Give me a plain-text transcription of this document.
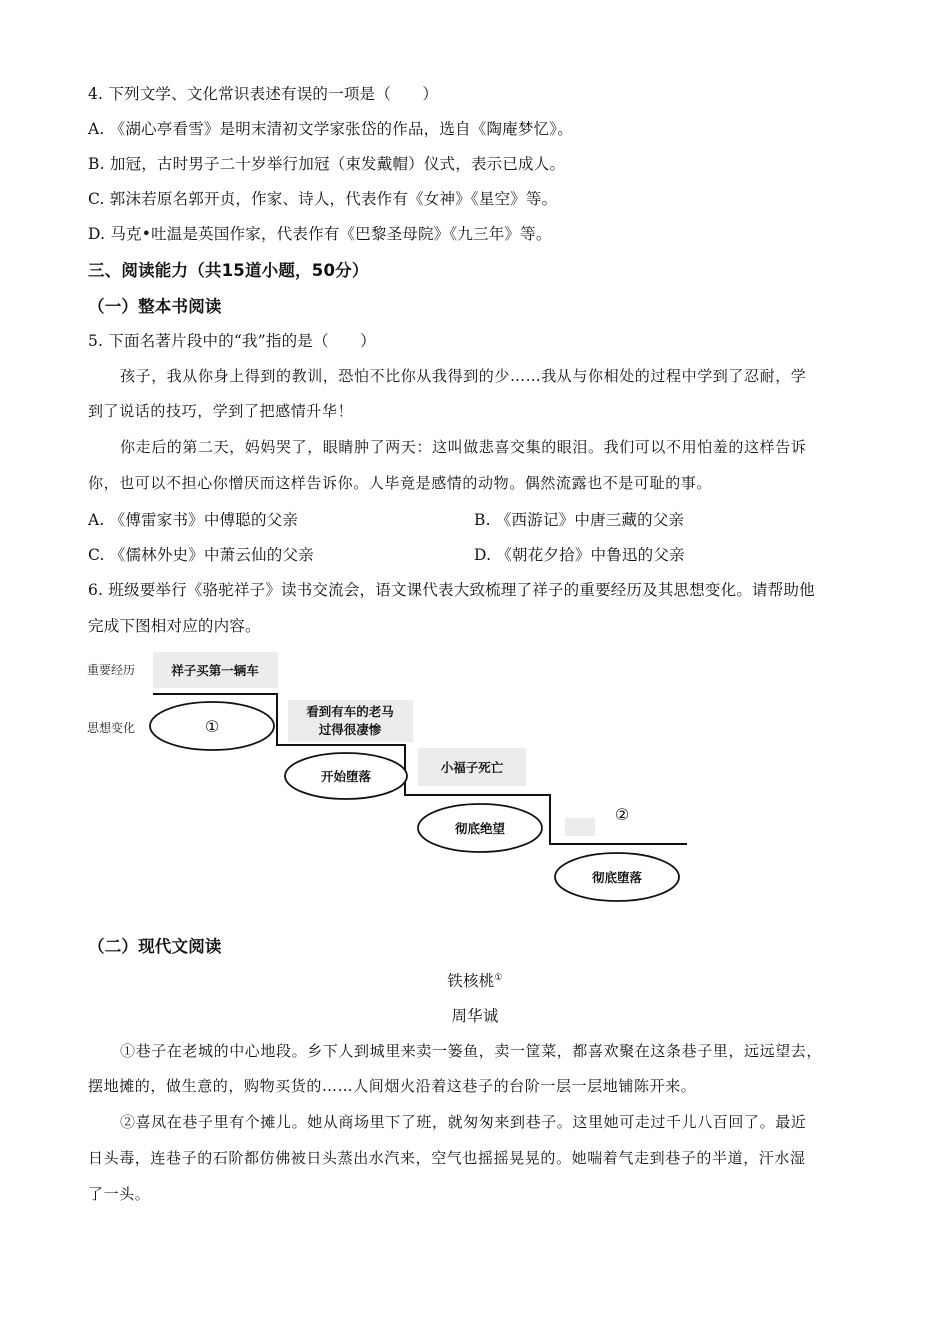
4. 下列文学、文化常识表述有误的一项是（　　）
A. 《湖心亭看雪》是明末清初文学家张岱的作品，选自《陶庵梦忆》。
B. 加冠，古时男子二十岁举行加冠（束发戴帽）仪式，表示已成人。
C. 郭沫若原名郭开贞，作家、诗人，代表作有《女神》《星空》等。
D. 马克•吐温是英国作家，代表作有《巴黎圣母院》《九三年》等。
三、阅读能力（共15道小题，50分）
（一）整本书阅读
5. 下面名著片段中的“我”指的是（　　）
孩子，我从你身上得到的教训，恐怕不比你从我得到的少……我从与你相处的过程中学到了忍耐，学
到了说话的技巧，学到了把感情升华！
你走后的第二天，妈妈哭了，眼睛肿了两天：这叫做悲喜交集的眼泪。我们可以不用怕羞的这样告诉
你，也可以不担心你憎厌而这样告诉你。人毕竟是感情的动物。偶然流露也不是可耻的事。
A. 《傅雷家书》中傅聪的父亲	B. 《西游记》中唐三藏的父亲
C. 《儒林外史》中萧云仙的父亲	D. 《朝花夕拾》中鲁迅的父亲
6. 班级要举行《骆驼祥子》读书交流会，语文课代表大致梳理了祥子的重要经历及其思想变化。请帮助他
完成下图相对应的内容。
重要经历
思想变化
祥子买第一辆车
①
看到有车的老马
过得很凄惨
开始堕落
小福子死亡
彻底绝望
②
彻底堕落
（二）现代文阅读
铁核桃①
周华诚
①巷子在老城的中心地段。乡下人到城里来卖一篓鱼，卖一筐菜，都喜欢聚在这条巷子里，远远望去，
摆地摊的，做生意的，购物买货的……人间烟火沿着这巷子的台阶一层一层地铺陈开来。
②喜凤在巷子里有个摊儿。她从商场里下了班，就匆匆来到巷子。这里她可走过千儿八百回了。最近
日头毒，连巷子的石阶都仿佛被日头蒸出水汽来，空气也摇摇晃晃的。她喘着气走到巷子的半道，汗水湿
了一头。
